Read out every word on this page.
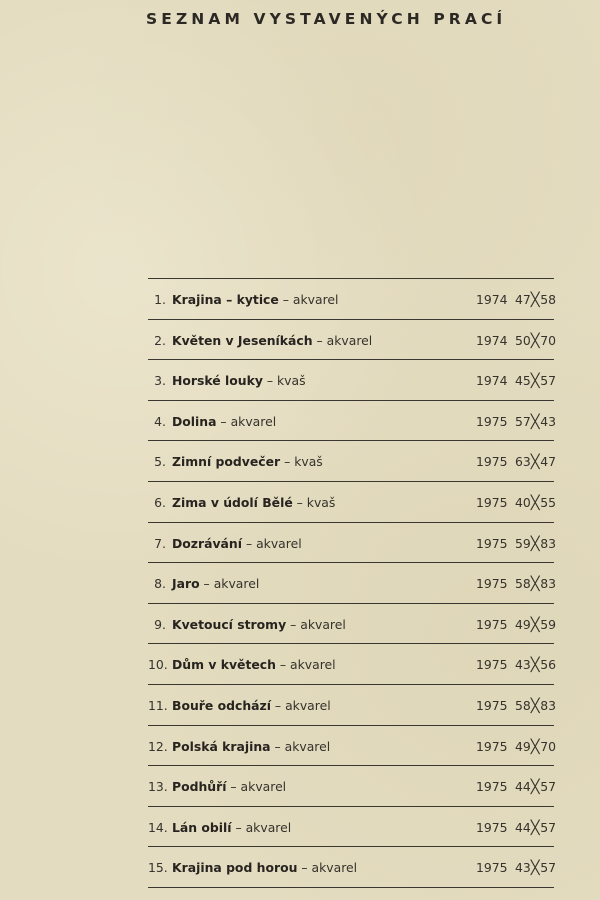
SEZNAM VYSTAVENÝCH PRACÍ
1. Krajina – kytice – akvarel	1974 47╳58
2. Květen v Jeseníkách – akvarel	1974 50╳70
3. Horské louky – kvaš	1974 45╳57
4. Dolina – akvarel	1975 57╳43
5. Zimní podvečer – kvaš	1975 63╳47
6. Zima v údolí Bělé – kvaš	1975 40╳55
7. Dozrávání – akvarel	1975 59╳83
8. Jaro – akvarel	1975 58╳83
9. Kvetoucí stromy – akvarel	1975 49╳59
10. Dům v květech – akvarel	1975 43╳56
11. Bouře odchází – akvarel	1975 58╳83
12. Polská krajina – akvarel	1975 49╳70
13. Podhůří – akvarel	1975 44╳57
14. Lán obilí – akvarel	1975 44╳57
15. Krajina pod horou – akvarel	1975 43╳57
